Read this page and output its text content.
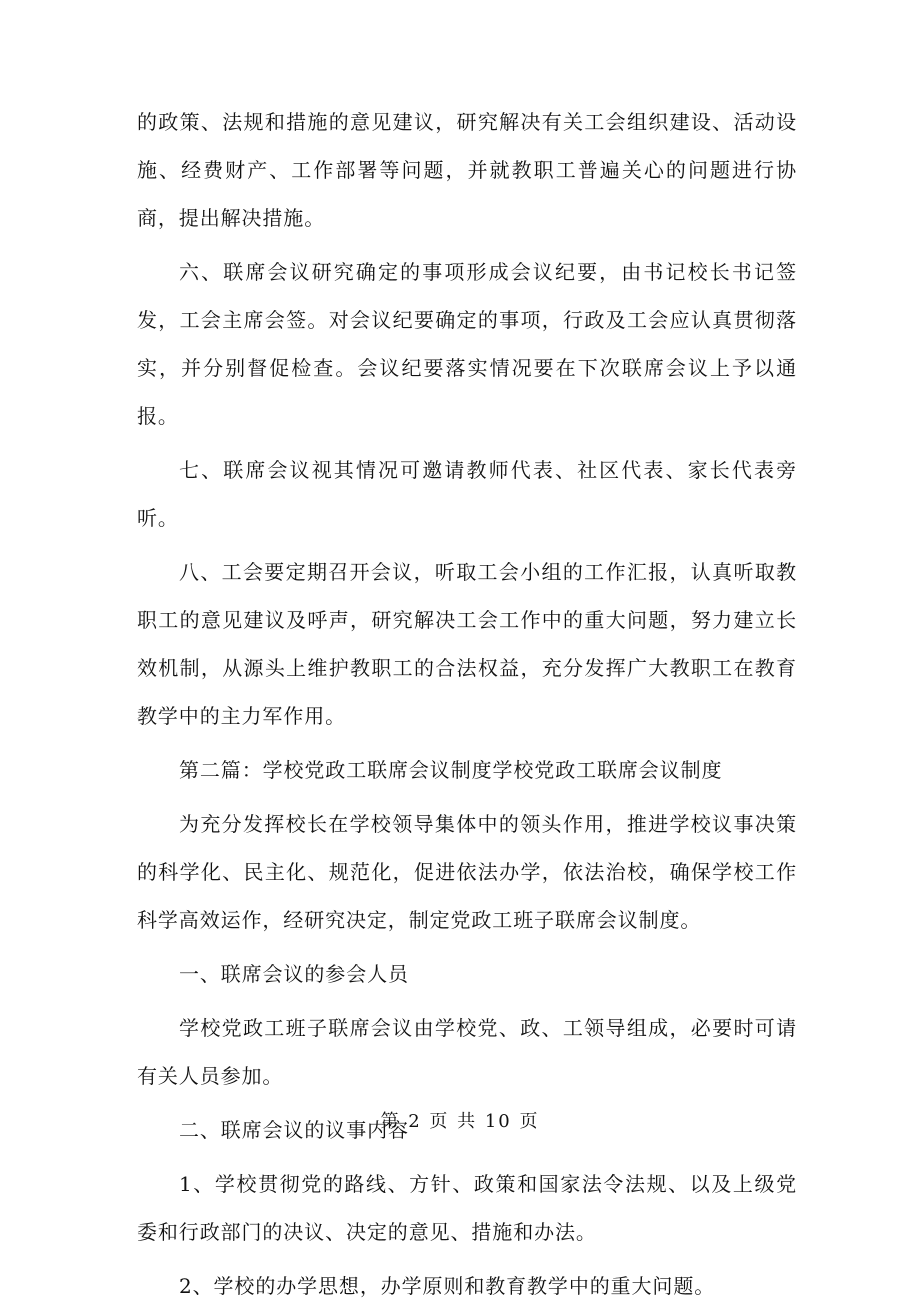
的政策、法规和措施的意见建议，研究解决有关工会组织建设、活动设施、经费财产、工作部署等问题，并就教职工普遍关心的问题进行协商，提出解决措施。

六、联席会议研究确定的事项形成会议纪要，由书记校长书记签发，工会主席会签。对会议纪要确定的事项，行政及工会应认真贯彻落实，并分别督促检查。会议纪要落实情况要在下次联席会议上予以通报。

七、联席会议视其情况可邀请教师代表、社区代表、家长代表旁听。

八、工会要定期召开会议，听取工会小组的工作汇报，认真听取教职工的意见建议及呼声，研究解决工会工作中的重大问题，努力建立长效机制，从源头上维护教职工的合法权益，充分发挥广大教职工在教育教学中的主力军作用。

第二篇：学校党政工联席会议制度学校党政工联席会议制度

为充分发挥校长在学校领导集体中的领头作用，推进学校议事决策的科学化、民主化、规范化，促进依法办学，依法治校，确保学校工作科学高效运作，经研究决定，制定党政工班子联席会议制度。

一、联席会议的参会人员

学校党政工班子联席会议由学校党、政、工领导组成，必要时可请有关人员参加。

二、联席会议的议事内容

1、学校贯彻党的路线、方针、政策和国家法令法规、以及上级党委和行政部门的决议、决定的意见、措施和办法。

2、学校的办学思想，办学原则和教育教学中的重大问题。

第 2 页 共 10 页
